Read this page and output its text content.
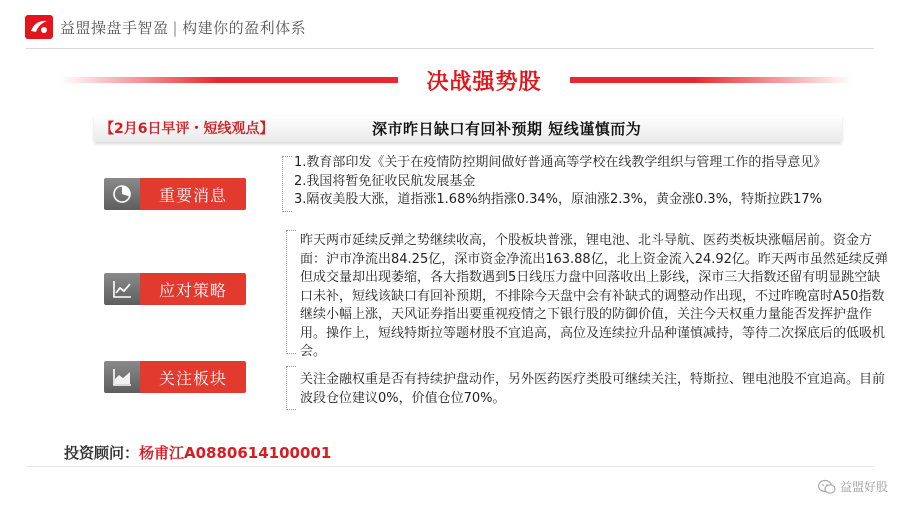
益盟操盘手智盈 | 构建你的盈利体系
决战强势股
【2月6日早评・短线观点】	深市昨日缺口有回补预期 短线谨慎而为
重要消息

1.教育部印发《关于在疫情防控期间做好普通高等学校在线教学组织与管理工作的指导意见》

2.我国将暂免征收民航发展基金

3.隔夜美股大涨，道指涨1.68%纳指涨0.34%，原油涨2.3%，黄金涨0.3%，特斯拉跌17%

应对策略
昨天两市延续反弹之势继续收高，个股板块普涨，锂电池、北斗导航、医药类板块涨幅居前。资金方面：沪市净流出84.25亿，深市资金净流出163.88亿，北上资金流入24.92亿。昨天两市虽然延续反弹但成交量却出现萎缩，各大指数遇到5日线压力盘中回落收出上影线，深市三大指数还留有明显跳空缺口未补，短线该缺口有回补预期，不排除今天盘中会有补缺式的调整动作出现，不过昨晚富时A50指数继续小幅上涨，天风证券指出要重视疫情之下银行股的防御价值，关注今天权重力量能否发挥护盘作用。操作上，短线特斯拉等题材股不宜追高，高位及连续拉升品种谨慎减持，等待二次探底后的低吸机会。
关注板块	关注金融权重是否有持续护盘动作，另外医药医疗类股可继续关注，特斯拉、锂电池股不宜追高。目前波段仓位建议0%，价值仓位70%。
投资顾问：杨甫江A0880614100001
益盟好股
